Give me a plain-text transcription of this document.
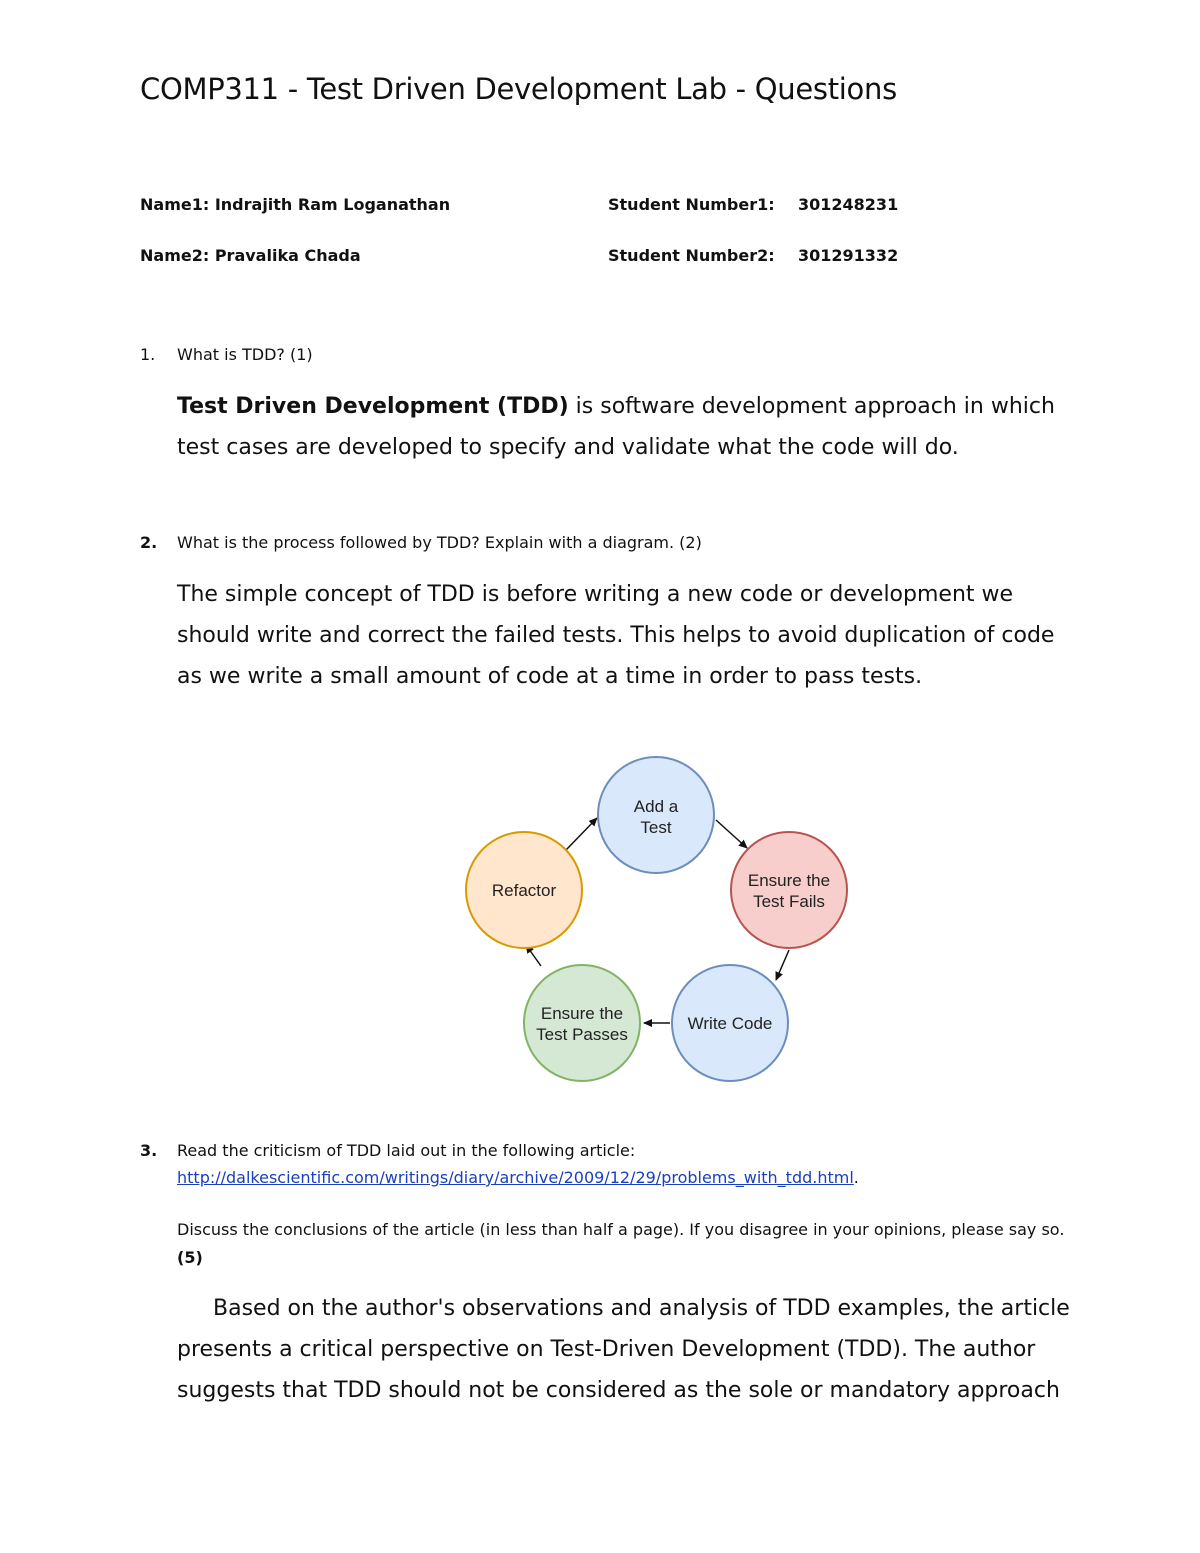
COMP311 - Test Driven Development Lab - Questions
Name1: Indrajith Ram Loganathan	Student Number1: 301248231
Name2: Pravalika Chada	Student Number2: 301291332
1. What is TDD? (1)
Test Driven Development (TDD) is software development approach in which
test cases are developed to specify and validate what the code will do.
2. What is the process followed by TDD? Explain with a diagram. (2)
The simple concept of TDD is before writing a new code or development we
should write and correct the failed tests. This helps to avoid duplication of code
as we write a small amount of code at a time in order to pass tests.
Add a
Test
Ensure the
Test Fails
Write Code
Ensure the
Test Passes
Refactor
3. Read the criticism of TDD laid out in the following article:
http://dalkescientific.com/writings/diary/archive/2009/12/29/problems_with_tdd.html.
Discuss the conclusions of the article (in less than half a page). If you disagree in your opinions, please say so.
(5)
Based on the author's observations and analysis of TDD examples, the article
presents a critical perspective on Test-Driven Development (TDD). The author
suggests that TDD should not be considered as the sole or mandatory approach
